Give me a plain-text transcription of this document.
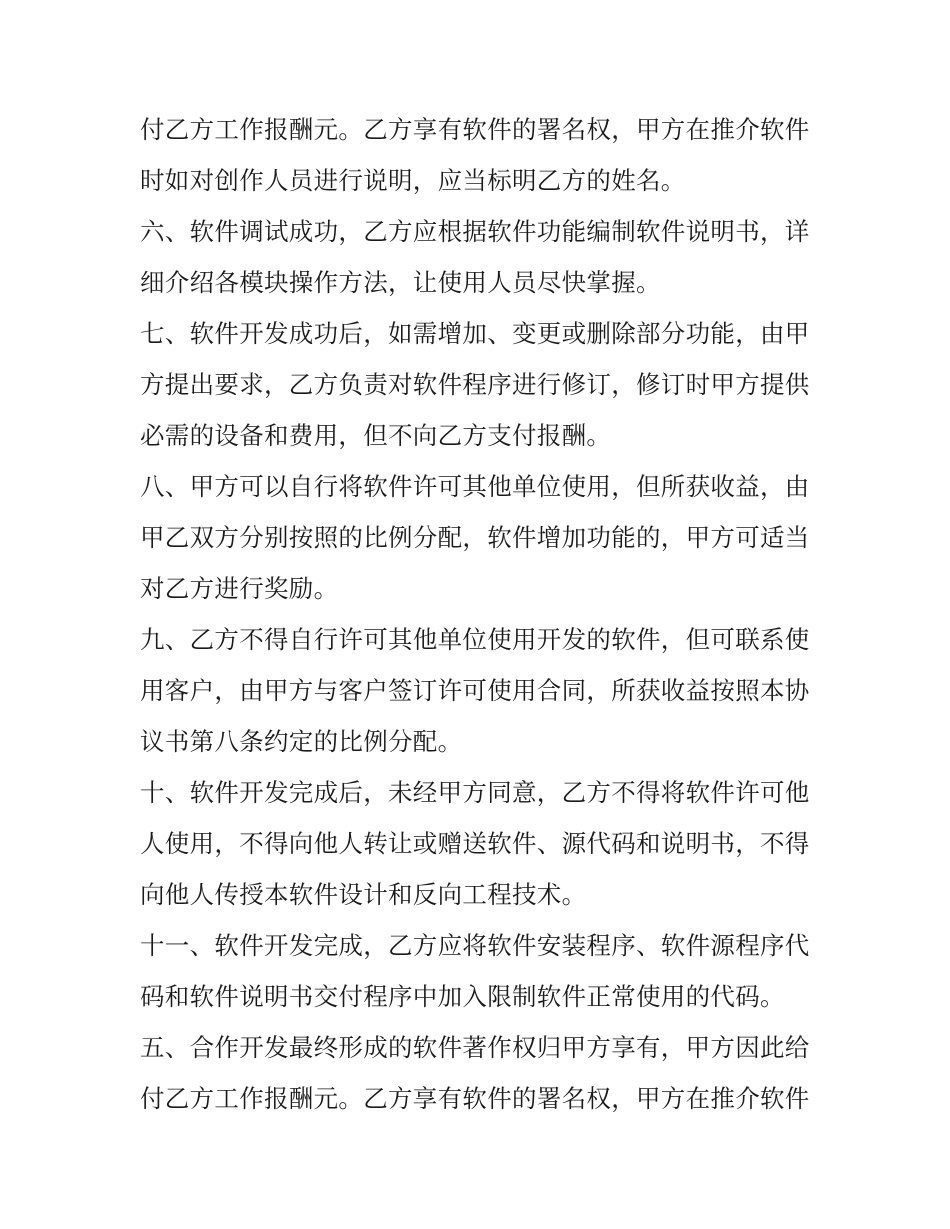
付乙方工作报酬元。乙方享有软件的署名权，甲方在推介软件
时如对创作人员进行说明，应当标明乙方的姓名。
六、软件调试成功，乙方应根据软件功能编制软件说明书，详
细介绍各模块操作方法，让使用人员尽快掌握。
七、软件开发成功后，如需增加、变更或删除部分功能，由甲
方提出要求，乙方负责对软件程序进行修订，修订时甲方提供
必需的设备和费用，但不向乙方支付报酬。
八、甲方可以自行将软件许可其他单位使用，但所获收益，由
甲乙双方分别按照的比例分配，软件增加功能的，甲方可适当
对乙方进行奖励。
九、乙方不得自行许可其他单位使用开发的软件，但可联系使
用客户，由甲方与客户签订许可使用合同，所获收益按照本协
议书第八条约定的比例分配。
十、软件开发完成后，未经甲方同意，乙方不得将软件许可他
人使用，不得向他人转让或赠送软件、源代码和说明书，不得
向他人传授本软件设计和反向工程技术。
十一、软件开发完成，乙方应将软件安装程序、软件源程序代
码和软件说明书交付程序中加入限制软件正常使用的代码。
五、合作开发最终形成的软件著作权归甲方享有，甲方因此给
付乙方工作报酬元。乙方享有软件的署名权，甲方在推介软件
